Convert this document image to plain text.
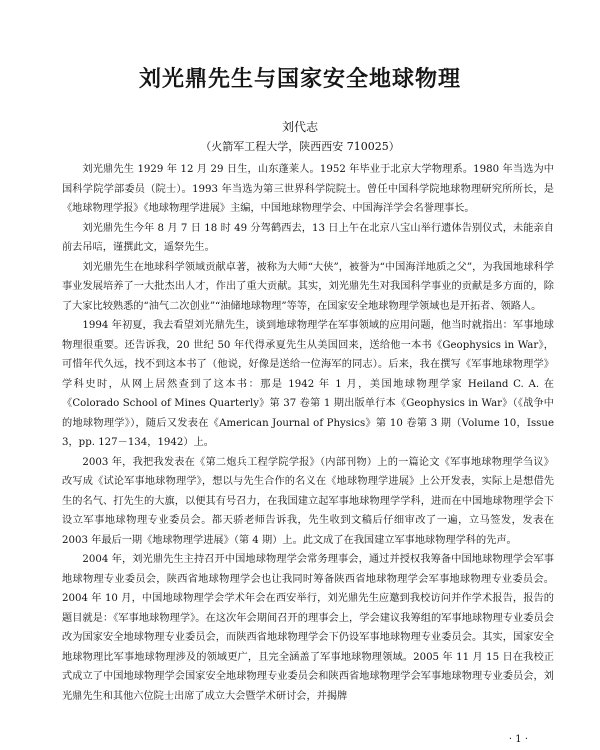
刘光鼎先生与国家安全地球物理
刘代志
（火箭军工程大学，陕西西安 710025）

刘光鼎先生 1929 年 12 月 29 日生，山东蓬莱人。1952 年毕业于北京大学物理系。1980 年当选为中国科学院学部委员（院士）。1993 年当选为第三世界科学院院士。曾任中国科学院地球物理研究所所长，是《地球物理学报》《地球物理学进展》主编，中国地球物理学会、中国海洋学会名誉理事长。

刘光鼎先生今年 8 月 7 日 18 时 49 分驾鹤西去，13 日上午在北京八宝山举行遗体告别仪式，未能亲自前去吊唁，谨撰此文，遥祭先生。

刘光鼎先生在地球科学领域贡献卓著，被称为大师“大侠”，被誉为“中国海洋地质之父”，为我国地球科学事业发展培养了一大批杰出人才，作出了重大贡献。其实，刘光鼎先生对我国科学事业的贡献是多方面的，除了大家比较熟悉的“油气二次创业”“油储地球物理”等等，在国家安全地球物理学领域也是开拓者、领路人。

1994 年初夏，我去看望刘光鼎先生，谈到地球物理学在军事领域的应用问题，他当时就指出：军事地球物理很重要。还告诉我，20 世纪 50 年代得承夏先生从美国回来，送给他一本书《Geophysics in War》，可惜年代久远，找不到这本书了（他说，好像是送给一位海军的同志）。后来，我在撰写《军事地球物理学》学科史时，从网上居然查到了这本书：那是 1942 年 1 月，美国地球物理学家 Heiland C. A. 在《Colorado School of Mines Quarterly》第 37 卷第 1 期出版单行本《Geophysics in War》（《战争中的地球物理学》），随后又发表在《American Journal of Physics》第 10 卷第 3 期（Volume 10，Issue 3，pp. 127－134，1942）上。

2003 年，我把我发表在《第二炮兵工程学院学报》（内部刊物）上的一篇论文《军事地球物理学刍议》改写成《试论军事地球物理学》，想以与先生合作的名义在《地球物理学进展》上公开发表，实际上是想借先生的名气、打先生的大旗，以便其有号召力，在我国建立起军事地球物理学学科，进而在中国地球物理学会下设立军事地球物理专业委员会。都天骄老师告诉我，先生收到文稿后仔细审改了一遍，立马签发，发表在 2003 年最后一期《地球物理学进展》（第 4 期）上。此文成了在我国建立军事地球物理学科的先声。

2004 年，刘光鼎先生主持召开中国地球物理学会常务理事会，通过并授权我筹备中国地球物理学会军事地球物理专业委员会，陕西省地球物理学会也让我同时筹备陕西省地球物理学会军事地球物理专业委员会。2004 年 10 月，中国地球物理学会学术年会在西安举行，刘光鼎先生应邀到我校访问并作学术报告，报告的题目就是：《军事地球物理学》。在这次年会期间召开的理事会上，学会建议我筹组的军事地球物理专业委员会改为国家安全地球物理专业委员会，而陕西省地球物理学会下仍设军事地球物理专业委员会。其实，国家安全地球物理比军事地球物理涉及的领域更广，且完全涵盖了军事地球物理领域。2005 年 11 月 15 日在我校正式成立了中国地球物理学会国家安全地球物理专业委员会和陕西省地球物理学会军事地球物理专业委员会，刘光鼎先生和其他六位院士出席了成立大会暨学术研讨会，并揭牌

· 1 ·
